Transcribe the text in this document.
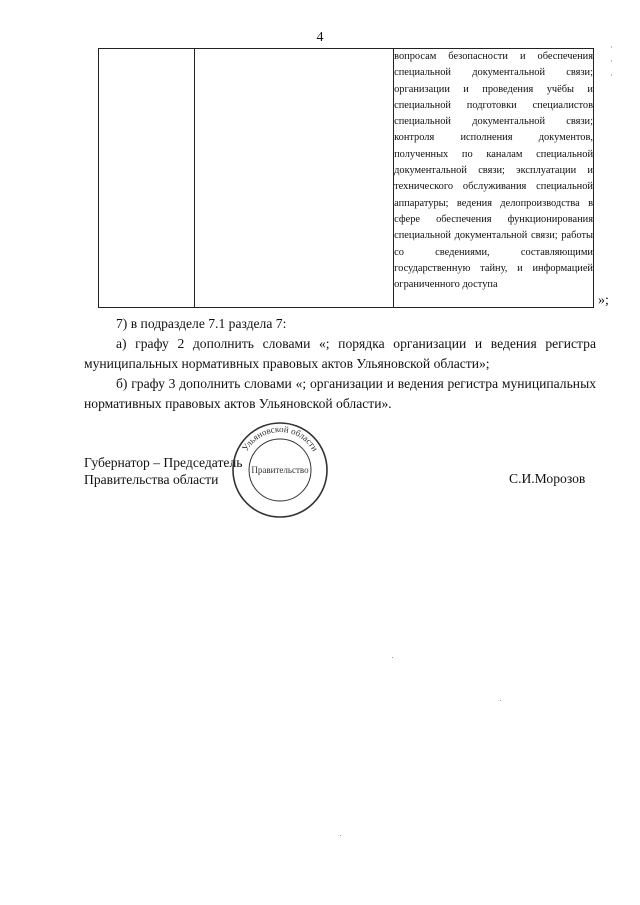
4
		вопросам безопасности и обеспечения специальной документальной связи; организации и проведения учёбы и специальной подготовки специалистов специальной документальной связи; контроля исполнения документов, полученных по каналам специальной документальной связи; эксплуатации и технического обслуживания специальной аппаратуры; ведения делопроизводства в сфере обеспечения функционирования специальной документальной связи; работы со сведениями, составляющими государственную тайну, и информацией ограниченного доступа
»;
·
·
·

7) в подразделе 7.1 раздела 7:

а) графу 2 дополнить словами «; порядка организации и ведения регистра муниципальных нормативных правовых актов Ульяновской области»;

б) графу 3 дополнить словами «; организации и ведения регистра муниципальных нормативных правовых актов Ульяновской области».

Губернатор – Председатель
Правительства области	С.И.Морозов
Ульяновской области
Правительство
